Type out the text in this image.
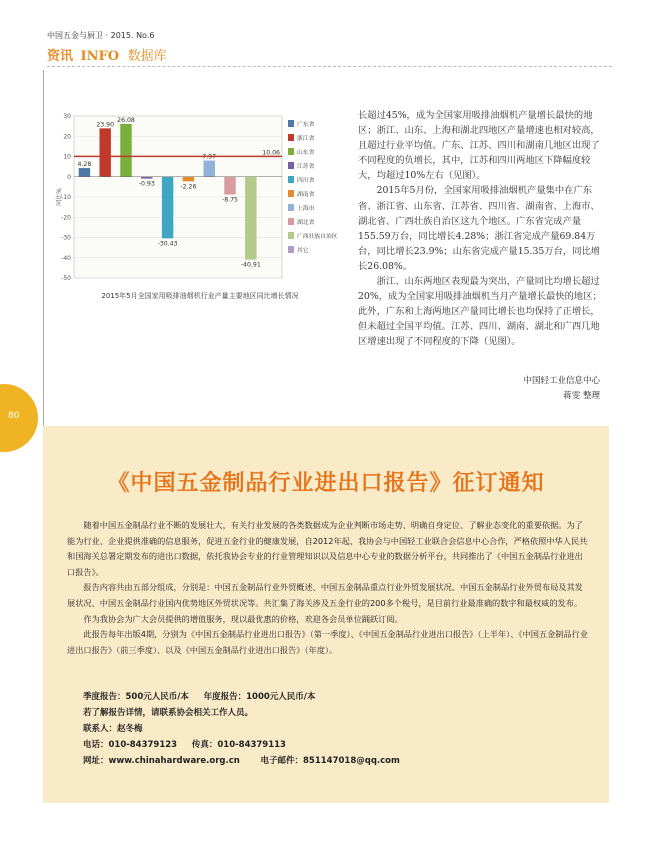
中国五金与厨卫 · 2015. No.6
资讯 INFO 数据库
80
30
20
10
0
-10
-20
-30
-40
-50
同比%
4.28
23.90
26.08
-0.93
-30.43
-2.26
7.97
-8.75
-40.91
10.06
广东省
浙江省
山东省
江苏省
四川省
湖南省
上海市
湖北省
广西壮族自治区
其它
2015年5月全国家用吸排油烟机行业产量主要地区同比增长情况

长超过45%，成为全国家用吸排油烟机产量增长最快的地区；浙江、山东、上海和湖北四地区产量增速也相对较高，且超过行业平均值。广东、江苏、四川和湖南几地区出现了不同程度的负增长，其中，江苏和四川两地区下降幅度较大，均超过10%左右（见图）。

2015年5月份，全国家用吸排油烟机产量集中在广东省、浙江省、山东省、江苏省、四川省、湖南省、上海市、湖北省、广西壮族自治区这九个地区。广东省完成产量155.59万台，同比增长4.28%；浙江省完成产量69.84万台，同比增长23.9%；山东省完成产量15.35万台，同比增长26.08%。

浙江、山东两地区表现最为突出，产量同比均增长超过20%，成为全国家用吸排油烟机当月产量增长最快的地区；此外，广东和上海两地区产量同比增长也均保持了正增长，但未超过全国平均值。江苏、四川、湖南、湖北和广西几地区增速出现了不同程度的下降（见图）。

中国轻工业信息中心
蒋雯 整理
《中国五金制品行业进出口报告》征订通知

随着中国五金制品行业不断的发展壮大，有关行业发展的各类数据成为企业判断市场走势、明确自身定位、了解业态变化的重要依据。为了能为行业、企业提供准确的信息服务，促进五金行业的健康发展，自2012年起，我协会与中国轻工业联合会信息中心合作，严格依照中华人民共和国海关总署定期发布的进出口数据，依托我协会专业的行业管理知识以及信息中心专业的数据分析平台，共同推出了《中国五金制品行业进出口报告》。

报告内容共由五部分组成，分别是：中国五金制品行业外贸概述、中国五金制品重点行业外贸发展状况、中国五金制品行业外贸布局及其发展状况、中国五金制品行业国内优势地区外贸状况等。共汇集了海关涉及五金行业的200多个税号，是目前行业最准确的数字和最权威的发布。

作为我协会为广大会员提供的增值服务，现以最优惠的价格，欢迎各会员单位踊跃订阅。

此报告每年出版4期，分别为《中国五金制品行业进出口报告》（第一季度）、《中国五金制品行业进出口报告》（上半年）、《中国五金制品行业进出口报告》（前三季度）、以及《中国五金制品行业进出口报告》（年度）。

季度报告：500元人民币/本     年度报告：1000元人民币/本
若了解报告详情，请联系协会相关工作人员。
联系人：赵冬梅
电话：010-84379123     传真：010-84379113
网址：www.chinahardware.org.cn       电子邮件：851147018@qq.com
